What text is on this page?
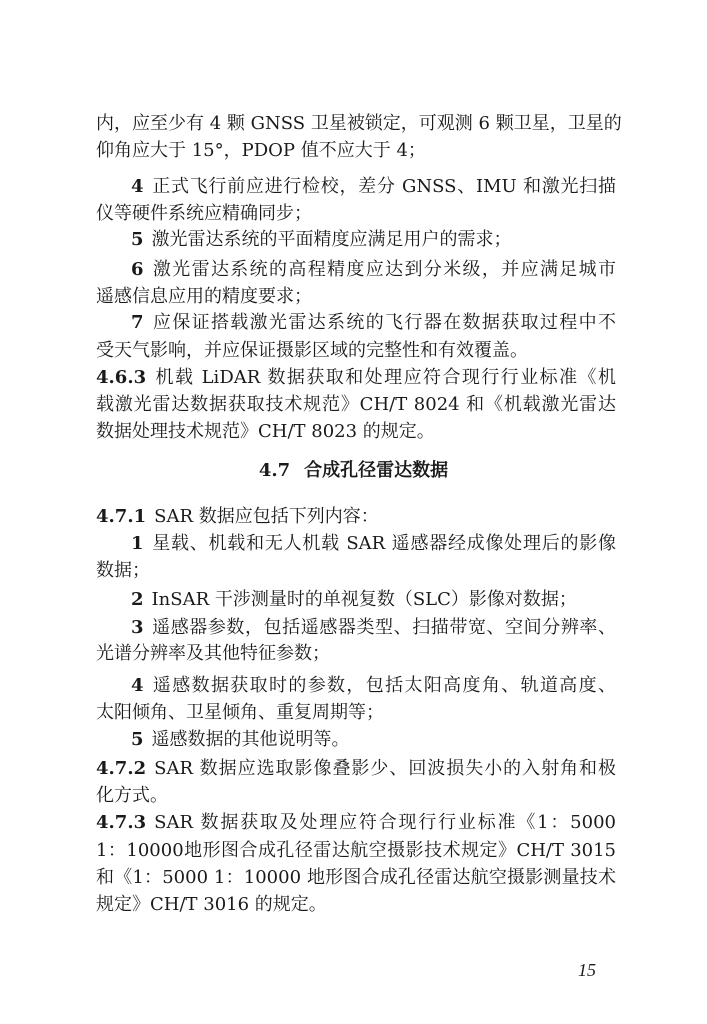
内，应至少有 4 颗 GNSS 卫星被锁定，可观测 6 颗卫星，卫星的
仰角应大于 15°，PDOP 值不应大于 4；
4 正式飞行前应进行检校，差分 GNSS、IMU 和激光扫描
仪等硬件系统应精确同步；
5 激光雷达系统的平面精度应满足用户的需求；
6 激光雷达系统的高程精度应达到分米级，并应满足城市
遥感信息应用的精度要求；
7 应保证搭载激光雷达系统的飞行器在数据获取过程中不
受天气影响，并应保证摄影区域的完整性和有效覆盖。
4.6.3 机载 LiDAR 数据获取和处理应符合现行行业标准《机
载激光雷达数据获取技术规范》CH/T 8024 和《机载激光雷达
数据处理技术规范》CH/T 8023 的规定。
4.7 合成孔径雷达数据
4.7.1 SAR 数据应包括下列内容：
1 星载、机载和无人机载 SAR 遥感器经成像处理后的影像
数据；
2 InSAR 干涉测量时的单视复数（SLC）影像对数据；
3 遥感器参数，包括遥感器类型、扫描带宽、空间分辨率、
光谱分辨率及其他特征参数；
4 遥感数据获取时的参数，包括太阳高度角、轨道高度、
太阳倾角、卫星倾角、重复周期等；
5 遥感数据的其他说明等。
4.7.2 SAR 数据应选取影像叠影少、回波损失小的入射角和极
化方式。
4.7.3 SAR 数据获取及处理应符合现行行业标准《1：5000
1：10000地形图合成孔径雷达航空摄影技术规定》CH/T 3015
和《1：5000 1：10000 地形图合成孔径雷达航空摄影测量技术
规定》CH/T 3016 的规定。
15
